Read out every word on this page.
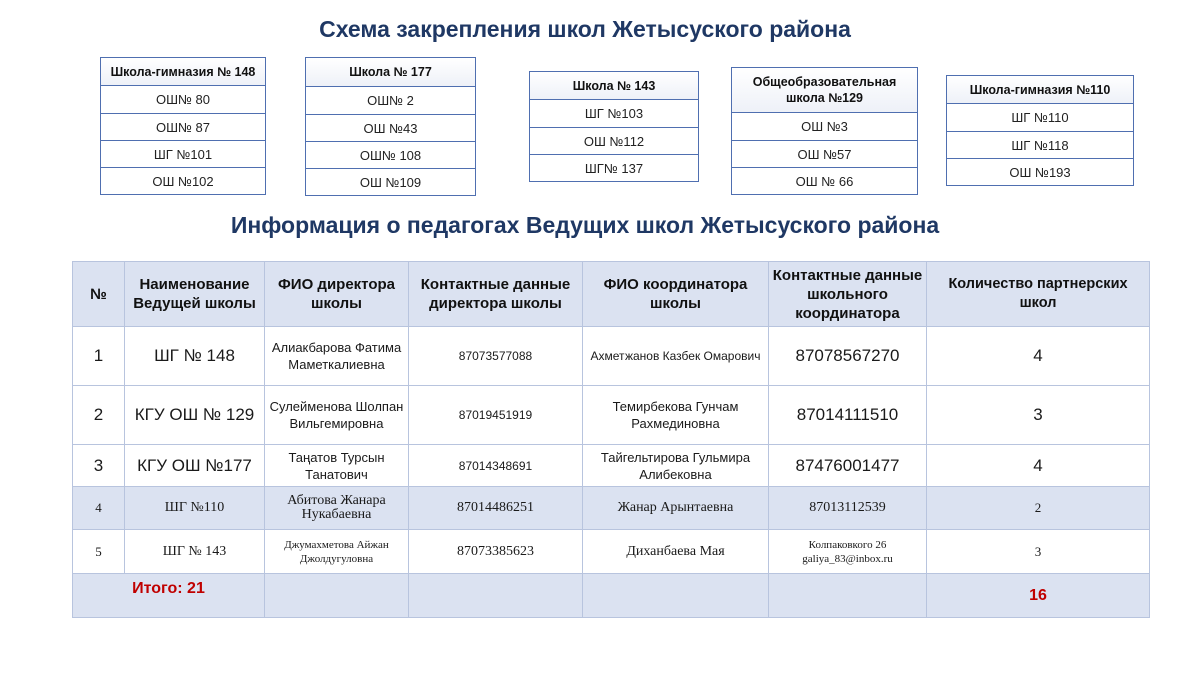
Схема закрепления школ Жетысуского района
Школа-гимназия № 148
ОШ№ 80
ОШ№ 87
ШГ №101
ОШ №102
Школа № 177
ОШ№ 2
ОШ №43
ОШ№ 108
ОШ №109
Школа № 143
ШГ №103
ОШ №112
ШГ№ 137
Общеобразовательная школа №129
ОШ №3
ОШ №57
ОШ № 66
Школа-гимназия №110
ШГ №110
ШГ №118
ОШ №193
Информация о педагогах Ведущих школ Жетысуского района
№	Наименование Ведущей школы	ФИО директора школы	Контактные данные директора школы	ФИО координатора школы	Контактные данные школьного координатора	Количество партнерских школ
1	ШГ № 148	Алиакбарова Фатима Маметкалиевна	87073577088	Ахметжанов Казбек Омарович	87078567270	4
2	КГУ ОШ № 129	Сулейменова Шолпан Вильгемировна	87019451919	Темирбекова Гунчам Рахмединовна	87014111510	3
3	КГУ ОШ №177	Таңатов Турсын Танатович	87014348691	Тайгельтирова Гульмира Алибековна	87476001477	4
4	ШГ №110	Абитова Жанара Нукабаевна	87014486251	Жанар Арынтаевна	87013112539	2
5	ШГ № 143	Джумахметова Айжан Джолдугуловна	87073385623	Диханбаева Мая	Колпаковкого 26 galiya_83@inbox.ru	3
Итого: 21						16
